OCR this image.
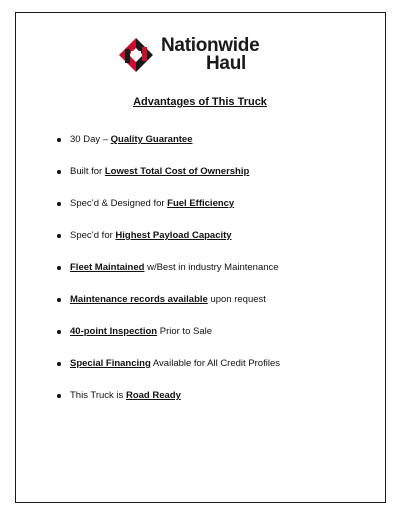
Nationwide
Haul
Advantages of This Truck
30 Day – Quality Guarantee
Built for Lowest Total Cost of Ownership
Spec’d & Designed for Fuel Efficiency
Spec’d for Highest Payload Capacity
Fleet Maintained w/Best in industry Maintenance
Maintenance records available upon request
40-point Inspection Prior to Sale
Special Financing Available for All Credit Profiles
This Truck is Road Ready
